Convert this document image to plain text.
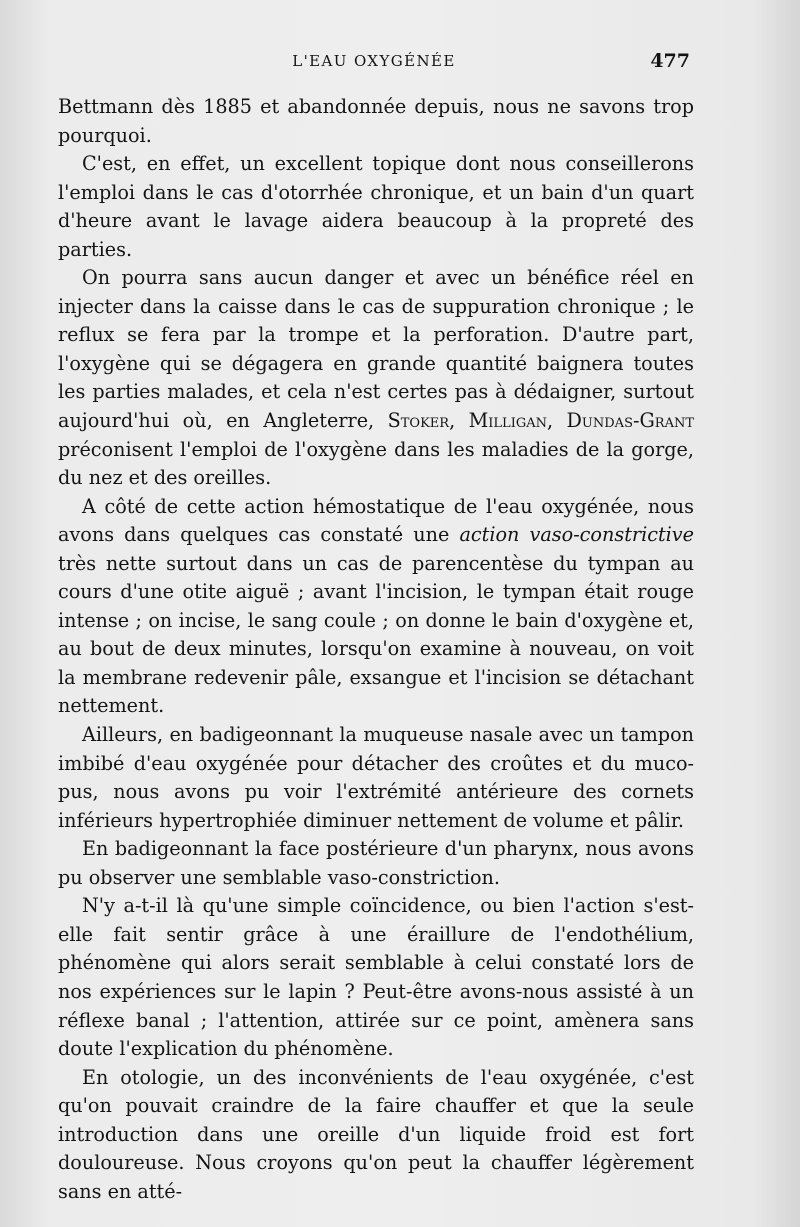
L'EAU OXYGÉNÉE	477

Bettmann dès 1885 et abandonnée depuis, nous ne savons trop pourquoi.

C'est, en effet, un excellent topique dont nous conseillerons l'emploi dans le cas d'otorrhée chronique, et un bain d'un quart d'heure avant le lavage aidera beaucoup à la propreté des parties.

On pourra sans aucun danger et avec un bénéfice réel en injecter dans la caisse dans le cas de suppuration chronique ; le reflux se fera par la trompe et la perforation. D'autre part, l'oxygène qui se dégagera en grande quantité baignera toutes les parties malades, et cela n'est certes pas à dédaigner, surtout aujourd'hui où, en Angleterre, Stoker, Milligan, Dundas-Grant préconisent l'emploi de l'oxygène dans les maladies de la gorge, du nez et des oreilles.

A côté de cette action hémostatique de l'eau oxygénée, nous avons dans quelques cas constaté une action vaso-constrictive très nette surtout dans un cas de parencentèse du tympan au cours d'une otite aiguë ; avant l'incision, le tympan était rouge intense ; on incise, le sang coule ; on donne le bain d'oxygène et, au bout de deux minutes, lorsqu'on examine à nouveau, on voit la membrane redevenir pâle, exsangue et l'incision se détachant nettement.

Ailleurs, en badigeonnant la muqueuse nasale avec un tampon imbibé d'eau oxygénée pour détacher des croûtes et du muco-pus, nous avons pu voir l'extrémité antérieure des cornets inférieurs hypertrophiée diminuer nettement de volume et pâlir.

En badigeonnant la face postérieure d'un pharynx, nous avons pu observer une semblable vaso-constriction.

N'y a-t-il là qu'une simple coïncidence, ou bien l'action s'est-elle fait sentir grâce à une éraillure de l'endothélium, phénomène qui alors serait semblable à celui constaté lors de nos expériences sur le lapin ? Peut-être avons-nous assisté à un réflexe banal ; l'attention, attirée sur ce point, amènera sans doute l'explication du phénomène.

En otologie, un des inconvénients de l'eau oxygénée, c'est qu'on pouvait craindre de la faire chauffer et que la seule introduction dans une oreille d'un liquide froid est fort douloureuse. Nous croyons qu'on peut la chauffer légèrement sans en atté-
